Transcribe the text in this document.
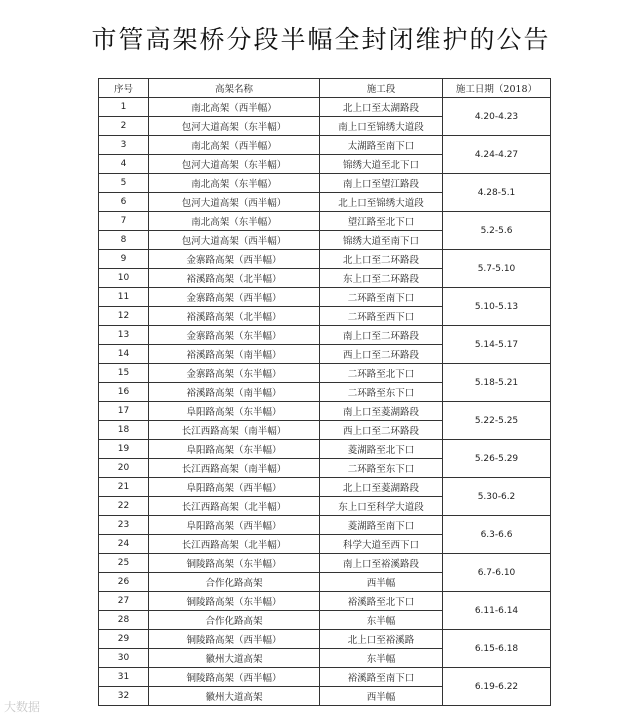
市管高架桥分段半幅全封闭维护的公告
序号	高架名称	施工段	施工日期（2018）
1	南北高架（西半幅）	北上口至太湖路段	4.20-4.23
2	包河大道高架（东半幅）	南上口至锦绣大道段	
3	南北高架（西半幅）	太湖路至南下口	4.24-4.27
4	包河大道高架（东半幅）	锦绣大道至北下口	
5	南北高架（东半幅）	南上口至望江路段	4.28-5.1
6	包河大道高架（西半幅）	北上口至锦绣大道段	
7	南北高架（东半幅）	望江路至北下口	5.2-5.6
8	包河大道高架（西半幅）	锦绣大道至南下口	
9	金寨路高架（西半幅）	北上口至二环路段	5.7-5.10
10	裕溪路高架（北半幅）	东上口至二环路段	
11	金寨路高架（西半幅）	二环路至南下口	5.10-5.13
12	裕溪路高架（北半幅）	二环路至西下口	
13	金寨路高架（东半幅）	南上口至二环路段	5.14-5.17
14	裕溪路高架（南半幅）	西上口至二环路段	
15	金寨路高架（东半幅）	二环路至北下口	5.18-5.21
16	裕溪路高架（南半幅）	二环路至东下口	
17	阜阳路高架（东半幅）	南上口至菱湖路段	5.22-5.25
18	长江西路高架（南半幅）	西上口至二环路段	
19	阜阳路高架（东半幅）	菱湖路至北下口	5.26-5.29
20	长江西路高架（南半幅）	二环路至东下口	
21	阜阳路高架（西半幅）	北上口至菱湖路段	5.30-6.2
22	长江西路高架（北半幅）	东上口至科学大道段	
23	阜阳路高架（西半幅）	菱湖路至南下口	6.3-6.6
24	长江西路高架（北半幅）	科学大道至西下口	
25	铜陵路高架（东半幅）	南上口至裕溪路段	6.7-6.10
26	合作化路高架	西半幅	
27	铜陵路高架（东半幅）	裕溪路至北下口	6.11-6.14
28	合作化路高架	东半幅	
29	铜陵路高架（西半幅）	北上口至裕溪路	6.15-6.18
30	徽州大道高架	东半幅	
31	铜陵路高架（西半幅）	裕溪路至南下口	6.19-6.22
32	徽州大道高架	西半幅	
大数据
